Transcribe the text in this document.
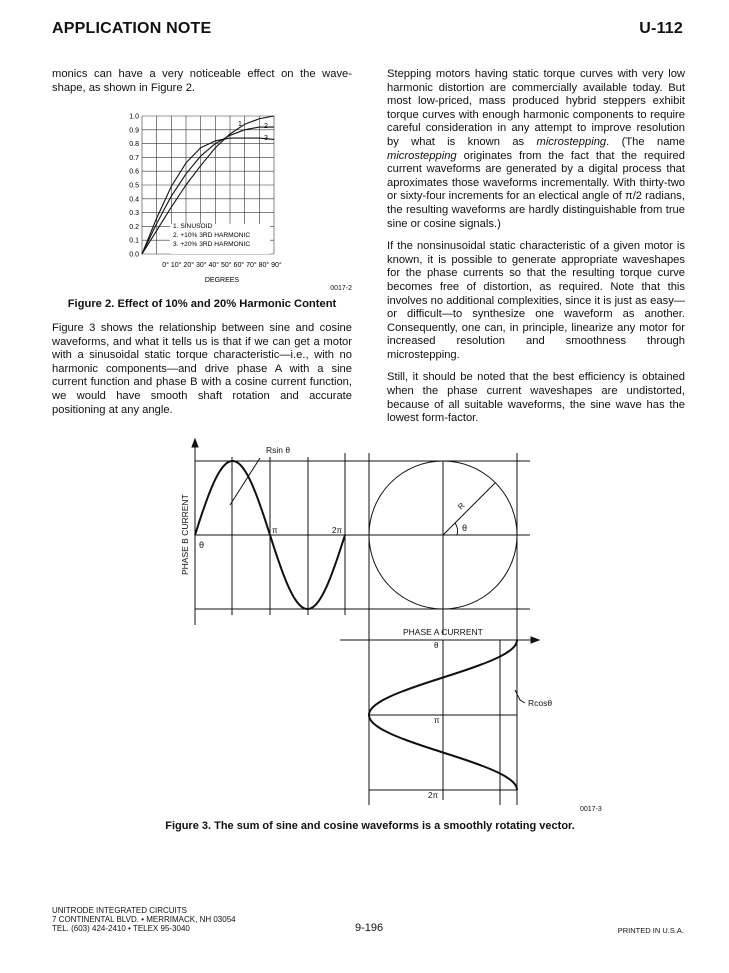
APPLICATION NOTE	U-112

monics can have a very noticeable effect on the wave-shape, as shown in Figure 2.

1.0
0.9
0.8
0.7
0.6
0.5
0.4
0.3
0.2
0.1
0.0
0° 10° 20° 30° 40° 50° 60° 70° 80° 90°
DEGREES
1	2
3
1. SINUSOID
2. +10% 3RD HARMONIC
3. +20% 3RD HARMONIC
0017-2
Figure 2. Effect of 10% and 20% Harmonic Content
Figure 3 shows the relationship between sine and cosine waveforms, and what it tells us is that if we can get a motor with a sinusoidal static torque characteristic—i.e., with no harmonic components—and drive phase A with a sine current function and phase B with a cosine current function, we would have smooth shaft rotation and accurate positioning at any angle.

Stepping motors having static torque curves with very low harmonic distortion are commercially available today. But most low-priced, mass produced hybrid steppers exhibit torque curves with enough harmonic components to require careful consideration in any attempt to improve resolution by what is known as microstepping. (The name microstepping originates from the fact that the required current waveforms are generated by a digital process that aproximates those waveforms incrementally. With thirty-two or sixty-four increments for an electical angle of π/2 radians, the resulting waveforms are hardly distinguishable from true sine or cosine signals.)

If the nonsinusoidal static characteristic of a given motor is known, it is possible to generate appropriate waveshapes for the phase currents so that the resulting torque curve becomes free of distortion, as required. Note that this involves no additional complexities, since it is just as easy—or difficult—to synthesize one waveform as another. Consequently, one can, in principle, linearize any motor for increased resolution and smoothness through microstepping.

Still, it should be noted that the best efficiency is obtained when the phase current waveshapes are undistorted, because of all suitable waveforms, the sine wave has the lowest form-factor.

Rsin θ
PHASE B CURRENT θ
π	2π
R
θ
PHASE A CURRENT
θ
π
2π
Rcosθ
0017-3
Figure 3. The sum of sine and cosine waveforms is a smoothly rotating vector.
UNITRODE INTEGRATED CIRCUITS
7 CONTINENTAL BLVD. • MERRIMACK, NH 03054
TEL. (603) 424-2410 • TELEX 95-3040	9-196	PRINTED IN U.S.A.
